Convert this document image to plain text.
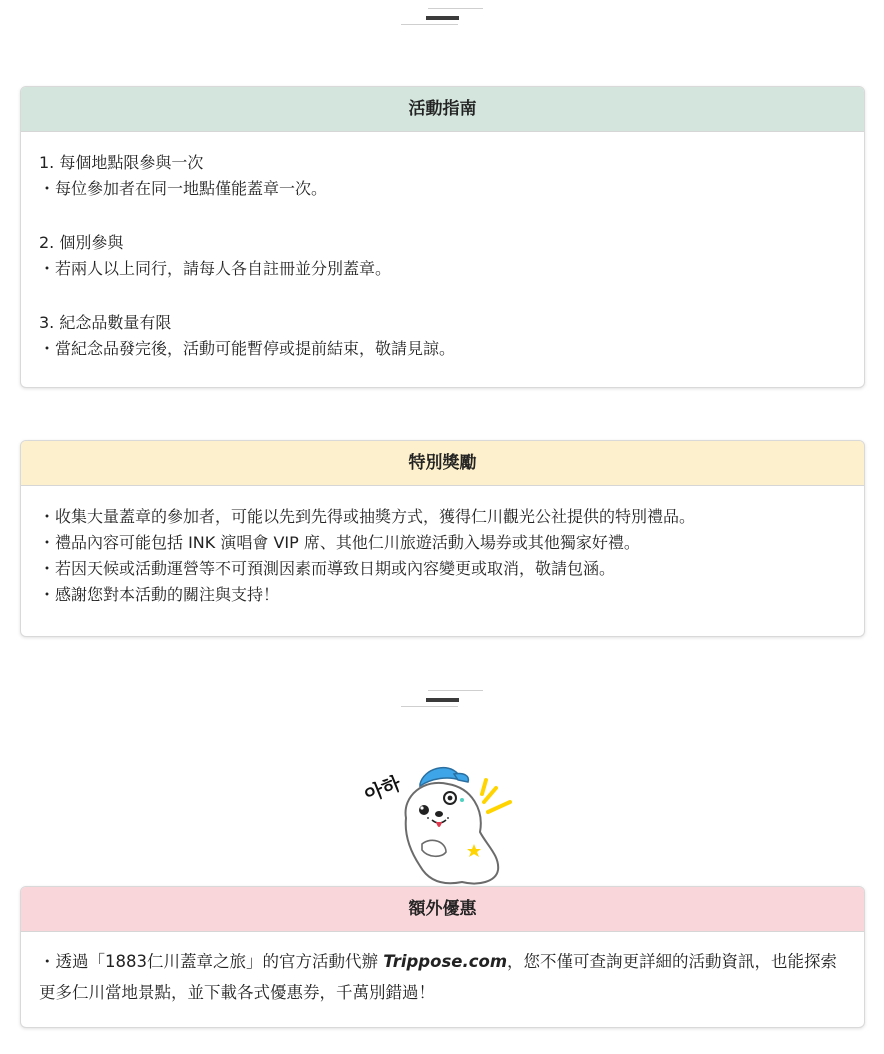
活動指南
1. 每個地點限參與一次
・每位參加者在同一地點僅能蓋章一次。
2. 個別參與
・若兩人以上同行，請每人各自註冊並分別蓋章。
3. 紀念品數量有限
・當紀念品發完後，活動可能暫停或提前結束，敬請見諒。
特別獎勵
・收集大量蓋章的參加者，可能以先到先得或抽獎方式，獲得仁川觀光公社提供的特別禮品。
・禮品內容可能包括 INK 演唱會 VIP 席、其他仁川旅遊活動入場券或其他獨家好禮。
・若因天候或活動運營等不可預測因素而導致日期或內容變更或取消，敬請包涵。
・感謝您對本活動的關注與支持！
아하
額外優惠
・透過「1883仁川蓋章之旅」的官方活動代辦 Trippose.com，您不僅可查詢更詳細的活動資訊，也能探索更多仁川當地景點，並下載各式優惠券，千萬別錯過！
